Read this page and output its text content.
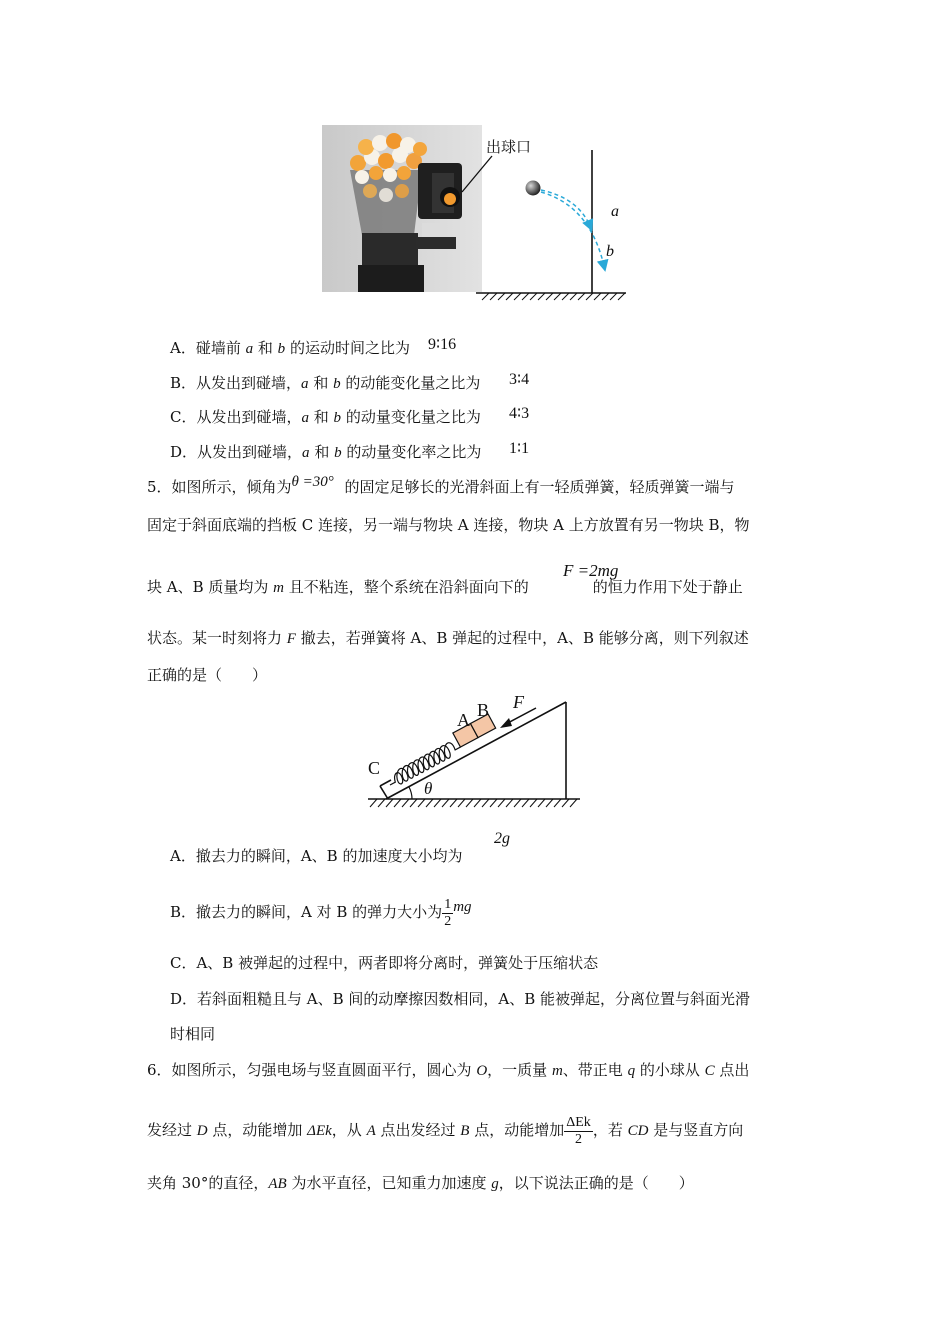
出球口
a
b
A．碰墙前 a 和 b 的运动时间之比为 9∶16
B．从发出到碰墙，a 和 b 的动能变化量之比为 3∶4
C．从发出到碰墙，a 和 b 的动量变化量之比为 4∶3
D．从发出到碰墙，a 和 b 的动量变化率之比为 1∶1
5．如图所示，倾角为θ =30° 的固定足够长的光滑斜面上有一轻质弹簧，轻质弹簧一端与
固定于斜面底端的挡板 C 连接，另一端与物块 A 连接，物块 A 上方放置有另一物块 B，物
块 A、B 质量均为 m 且不粘连，整个系统在沿斜面向下的	的恒力作用下处于静止
F =2mg
状态。某一时刻将力 F 撤去，若弹簧将 A、B 弹起的过程中，A、B 能够分离，则下列叙述
正确的是（　　）
A B
C
F
θ
A．撤去力的瞬间，A、B 的加速度大小均为
2g
B．撤去力的瞬间，A 对 B 的弹力大小为 $\frac{1}{2}$ mg
C．A、B 被弹起的过程中，两者即将分离时，弹簧处于压缩状态
D．若斜面粗糙且与 A、B 间的动摩擦因数相同，A、B 能被弹起，分离位置与斜面光滑
时相同
6．如图所示，匀强电场与竖直圆面平行，圆心为 O，一质量 m、带正电 q 的小球从 C 点出
发经过 D 点，动能增加 ΔEk，从 A 点出发经过 B 点，动能增加 $\frac{\text{ΔEk}}{2}$ ，若 CD 是与竖直方向
夹角 30°的直径，AB 为水平直径，已知重力加速度 g，以下说法正确的是（　　）
